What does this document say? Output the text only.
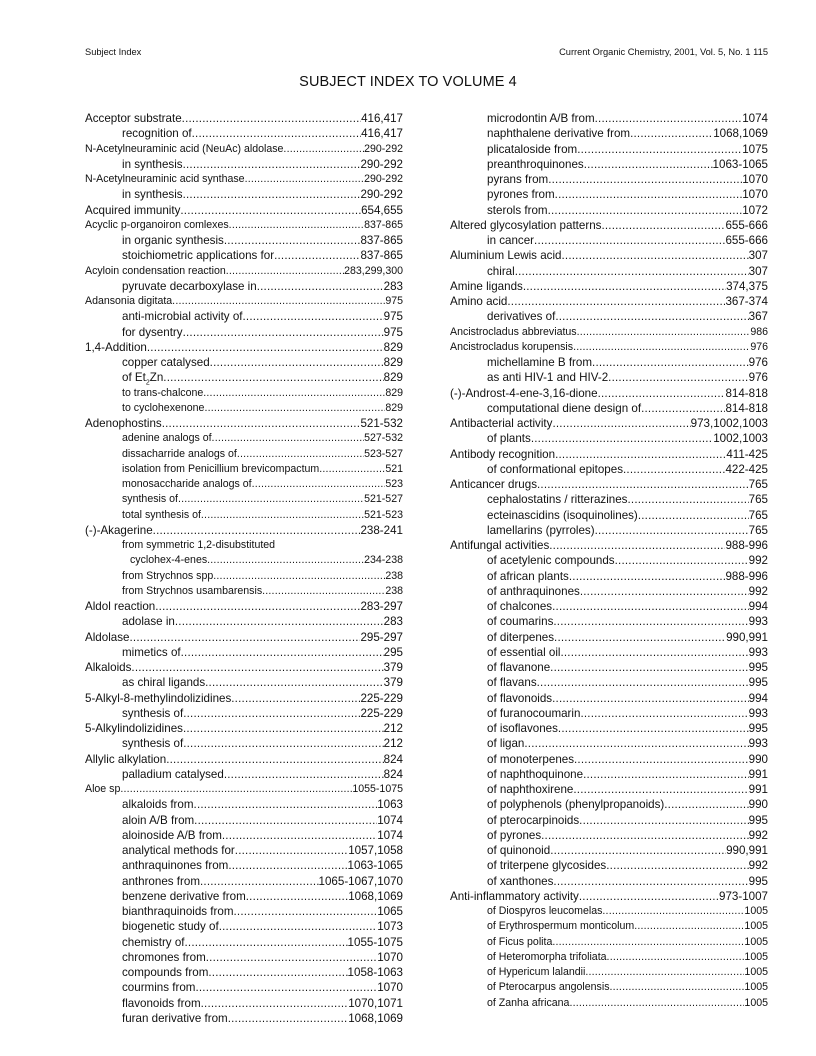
Subject Index	Current Organic Chemistry, 2001, Vol. 5, No. 1 115
SUBJECT INDEX TO VOLUME 4
Acceptor substrate .....	416,417
recognition of .....	416,417
N-Acetylneuraminic acid (NeuAc) aldolase .....	290-292
in synthesis .....	290-292
N-Acetylneuraminic acid synthase .....	290-292
in synthesis .....	290-292
Acquired immunity .....	654,655
Acyclic p-organoiron comlexes .....	837-865
in organic synthesis .....	837-865
stoichiometric applications for .....	837-865
Acyloin condensation reaction .....	283,299,300
pyruvate decarboxylase in .....	283
Adansonia digitata .....	975
anti-microbial activity of .....	975
for dysentry .....	975
1,4-Addition .....	829
copper catalysed .....	829
of $Et_2Zn$ .....	829
to trans-chalcone .....	829
to cyclohexenone .....	829
Adenophostins .....	521-532
adenine analogs of .....	527-532
dissacharride analogs of .....	523-527
isolation from Penicillium brevicompactum .....	521
monosaccharide analogs of .....	523
synthesis of .....	521-527
total synthesis of .....	521-523
(-)-Akagerine .....	238-241
from symmetric 1,2-disubstituted
cyclohex-4-enes .....	234-238
from Strychnos spp .....	238
from Strychnos usambarensis .....	238
Aldol reaction .....	283-297
adolase in .....	283
Aldolase .....	295-297
mimetics of .....	295
Alkaloids .....	379
as chiral ligands .....	379
5-Alkyl-8-methylindolizidines .....	225-229
synthesis of .....	225-229
5-Alkylindolizidines .....	212
synthesis of .....	212
Allylic alkylation .....	824
palladium catalysed .....	824
Aloe sp .....	1055-1075
alkaloids from .....	1063
aloin A/B from .....	1074
aloinoside A/B from .....	1074
analytical methods for .....	1057,1058
anthraquinones from .....	1063-1065
anthrones from .....	1065-1067,1070
benzene derivative from .....	1068,1069
bianthraquinoids from .....	1065
biogenetic study of .....	1073
chemistry of .....	1055-1075
chromones from .....	1070
compounds from .....	1058-1063
courmins from .....	1070
flavonoids from .....	1070,1071
furan derivative from .....	1068,1069
microdontin A/B from .....	1074
naphthalene derivative from .....	1068,1069
plicataloside from .....	1075
preanthroquinones .....	1063-1065
pyrans from .....	1070
pyrones from .....	1070
sterols from .....	1072
Altered glycosylation patterns .....	655-666
in cancer .....	655-666
Aluminium Lewis acid .....	307
chiral .....	307
Amine ligands .....	374,375
Amino acid .....	367-374
derivatives of .....	367
Ancistrocladus abbreviatus .....	986
Ancistrocladus korupensis .....	976
michellamine B from .....	976
as anti HIV-1 and HIV-2 .....	976
(-)-Androst-4-ene-3,16-dione .....	814-818
computational diene design of .....	814-818
Antibacterial activity .....	973,1002,1003
of plants .....	1002,1003
Antibody recognition .....	411-425
of conformational epitopes .....	422-425
Anticancer drugs .....	765
cephalostatins / ritterazines .....	765
ecteinascidins (isoquinolines) .....	765
lamellarins (pyrroles) .....	765
Antifungal activities .....	988-996
of acetylenic compounds .....	992
of african plants .....	988-996
of anthraquinones .....	992
of chalcones .....	994
of coumarins .....	993
of diterpenes .....	990,991
of essential oil .....	993
of flavanone .....	995
of flavans .....	995
of flavonoids .....	994
of furanocoumarin .....	993
of isoflavones .....	995
of ligan .....	993
of monoterpenes .....	990
of naphthoquinone .....	991
of naphthoxirene .....	991
of polyphenols (phenylpropanoids) .....	990
of pterocarpinoids .....	995
of pyrones .....	992
of quinonoid .....	990,991
of triterpene glycosides .....	992
of xanthones .....	995
Anti-inflammatory activity .....	973-1007
of Diospyros leucomelas .....	1005
of Erythrospermum monticolum .....	1005
of Ficus polita .....	1005
of Heteromorpha trifoliata .....	1005
of Hypericum lalandii .....	1005
of Pterocarpus angolensis .....	1005
of Zanha africana .....	1005
